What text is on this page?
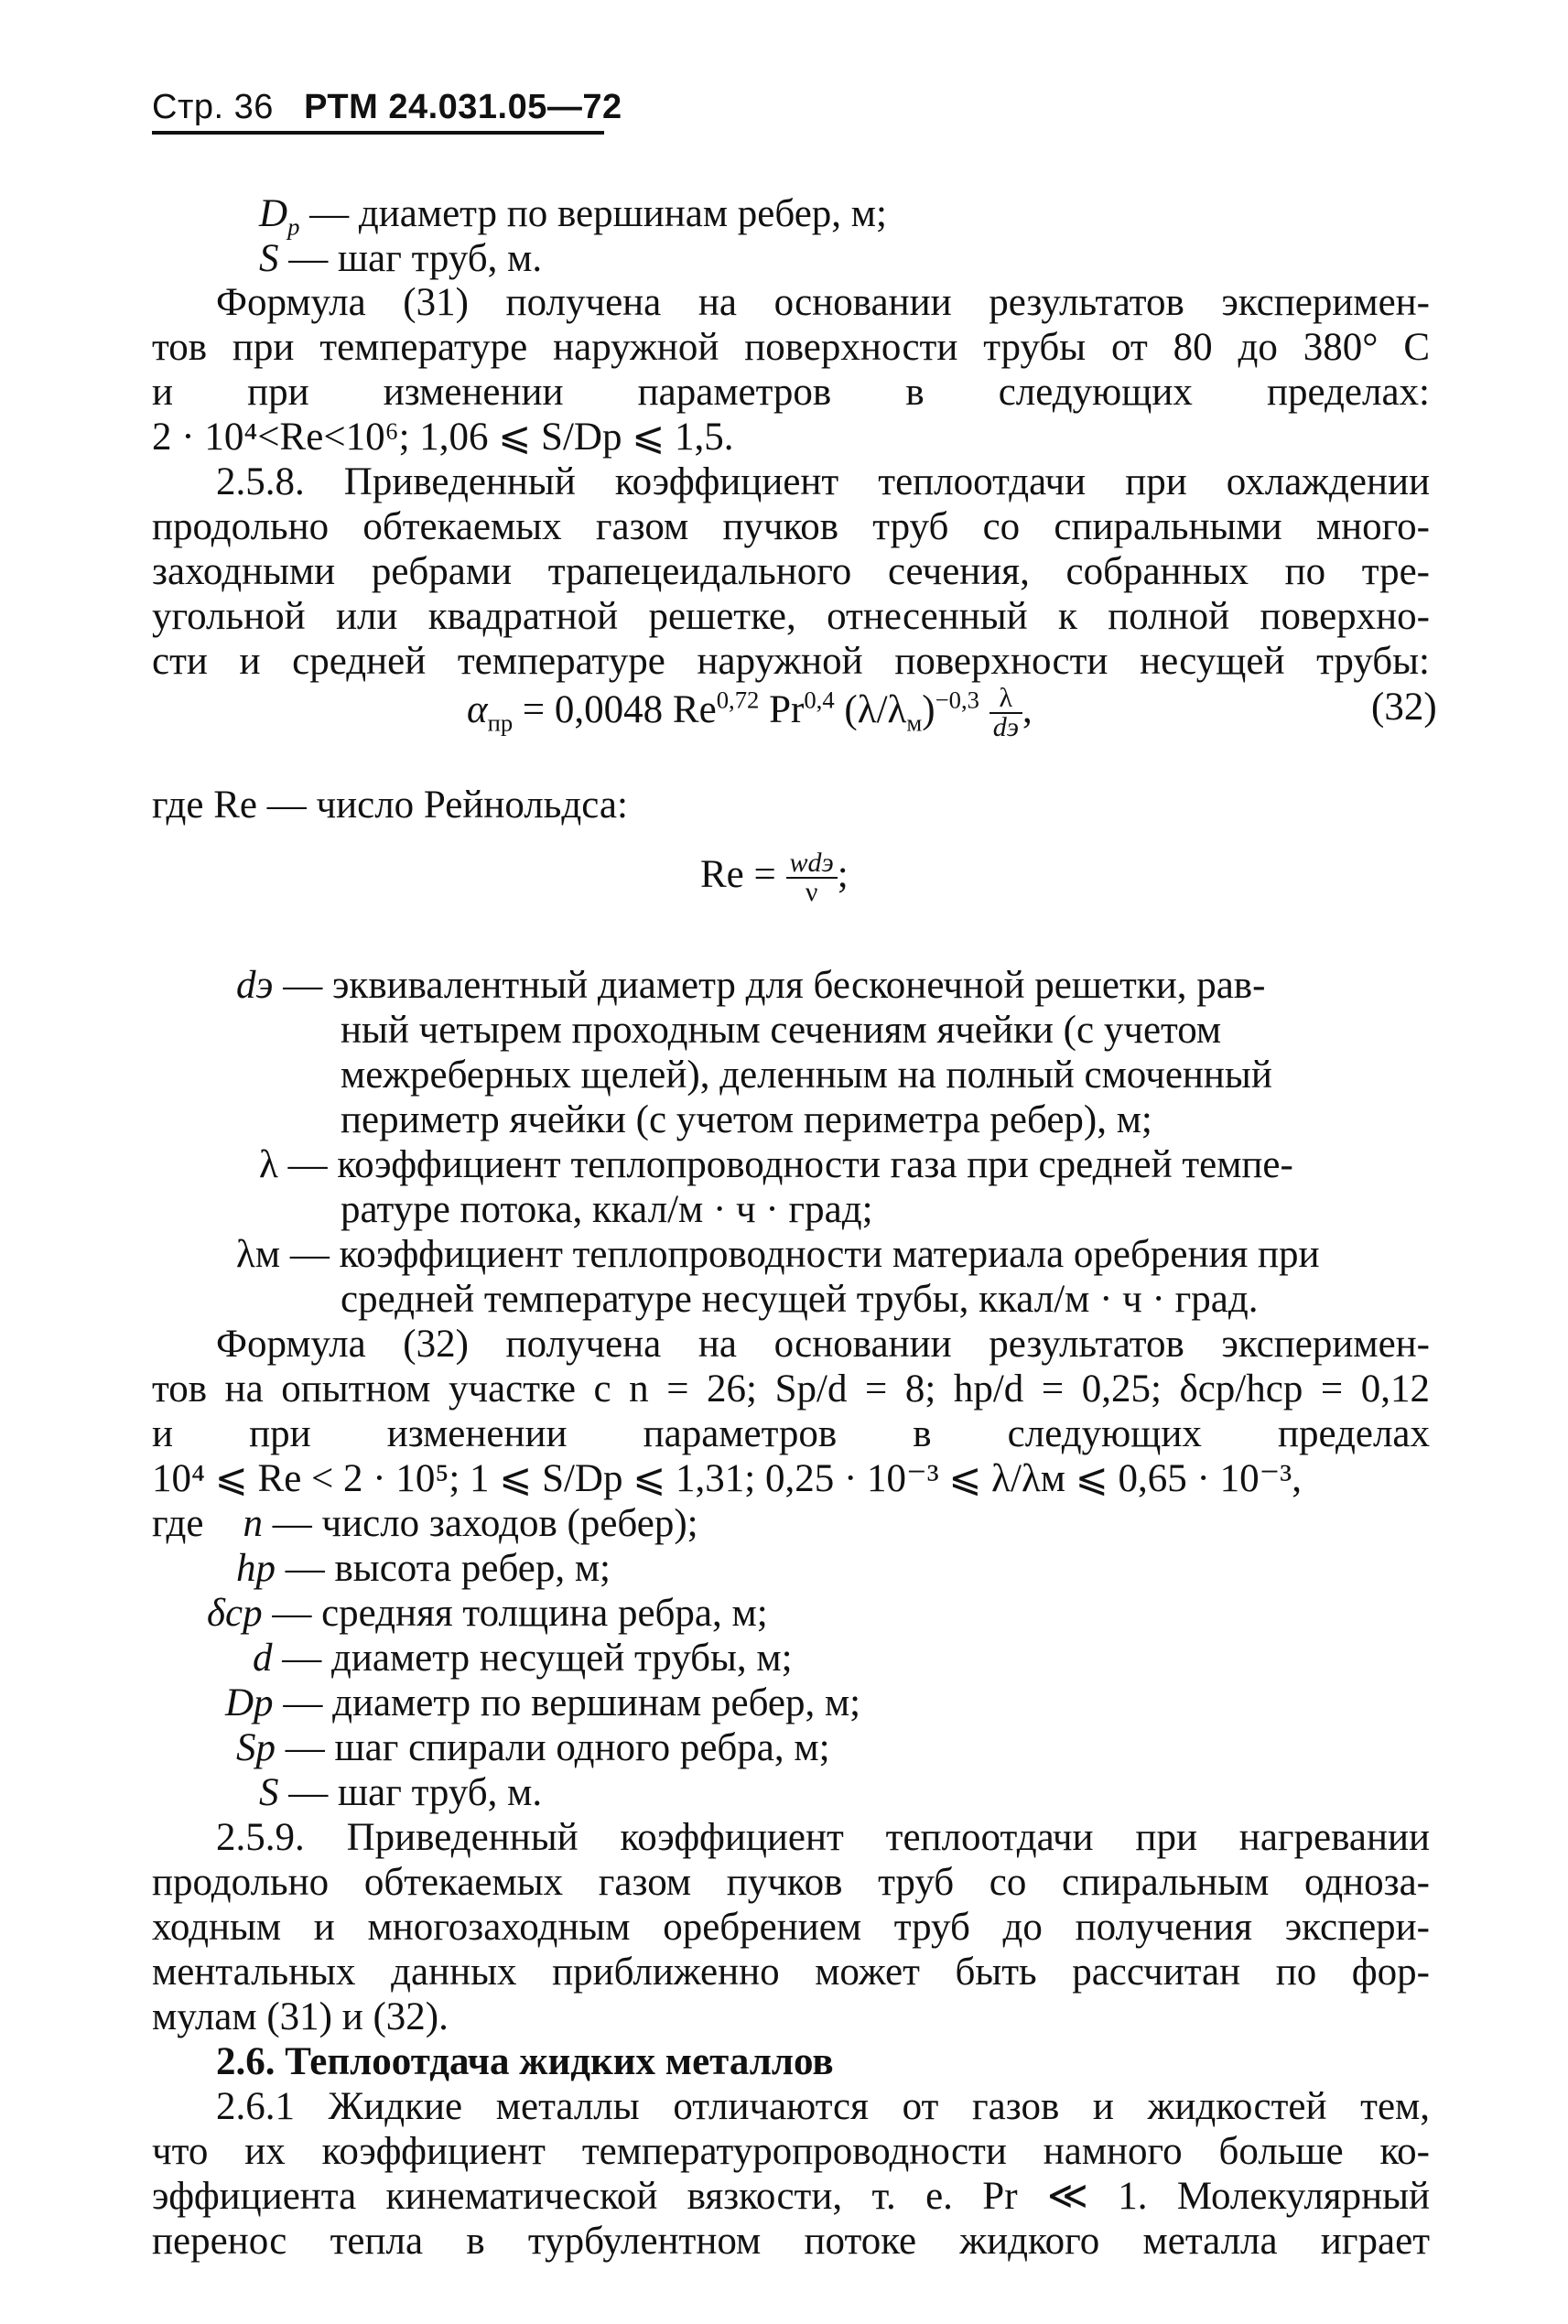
Стр. 36 РТМ 24.031.05—72
$D_р$ — диаметр по вершинам ребер, м;
S — шаг труб, м.
Формула (31) получена на основании результатов эксперимен-
тов при температуре наружной поверхности трубы от 80 до 380° С
и при изменении параметров в следующих пределах:
2 · 10⁴<Re<10⁶; 1,06 ⩽ S/Dр ⩽ 1,5.
2.5.8. Приведенный коэффициент теплоотдачи при охлаждении
продольно обтекаемых газом пучков труб со спиральными много-
заходными ребрами трапецеидального сечения, собранных по тре-
угольной или квадратной решетке, отнесенный к полной поверхно-
сти и средней температуре наружной поверхности несущей трубы:
$\alpha_{пр} = 0,0048$ Re$^{0,72}$ Pr$^{0,4}$ $(\lambda/\lambda_м)^{-0,3} \frac{\lambda}{dэ}$ ,	(32)
где Re — число Рейнольдса:
$Re = \frac{\text{wdэ}}{\nu}$ ;
dэ — эквивалентный диаметр для бесконечной решетки, рав-
ный четырем проходным сечениям ячейки (с учетом
межреберных щелей), деленным на полный смоченный
периметр ячейки (с учетом периметра ребер), м;
λ — коэффициент теплопроводности газа при средней темпе-
ратуре потока, ккал/м · ч · град;
λм — коэффициент теплопроводности материала оребрения при
средней температуре несущей трубы, ккал/м · ч · град.
Формула (32) получена на основании результатов эксперимен-
тов на опытном участке с n = 26; Sр/d = 8; hр/d = 0,25; δср/hср = 0,12
и при изменении параметров в следующих пределах
10⁴ ⩽ Re < 2 · 10⁵; 1 ⩽ S/Dр ⩽ 1,31; 0,25 · 10⁻³ ⩽ λ/λм ⩽ 0,65 · 10⁻³,
где    n — число заходов (ребер);
hр — высота ребер, м;
δср — средняя толщина ребра, м;
d — диаметр несущей трубы, м;
Dр — диаметр по вершинам ребер, м;
Sр — шаг спирали одного ребра, м;
S — шаг труб, м.
2.5.9. Приведенный коэффициент теплоотдачи при нагревании
продольно обтекаемых газом пучков труб со спиральным одноза-
ходным и многозаходным оребрением труб до получения экспери-
ментальных данных приближенно может быть рассчитан по фор-
мулам (31) и (32).
2.6. Теплоотдача жидких металлов
2.6.1 Жидкие металлы отличаются от газов и жидкостей тем,
что их коэффициент температуропроводности намного больше ко-
эффициента кинематической вязкости, т. е. Pr ≪ 1. Молекулярный
перенос тепла в турбулентном потоке жидкого металла играет
